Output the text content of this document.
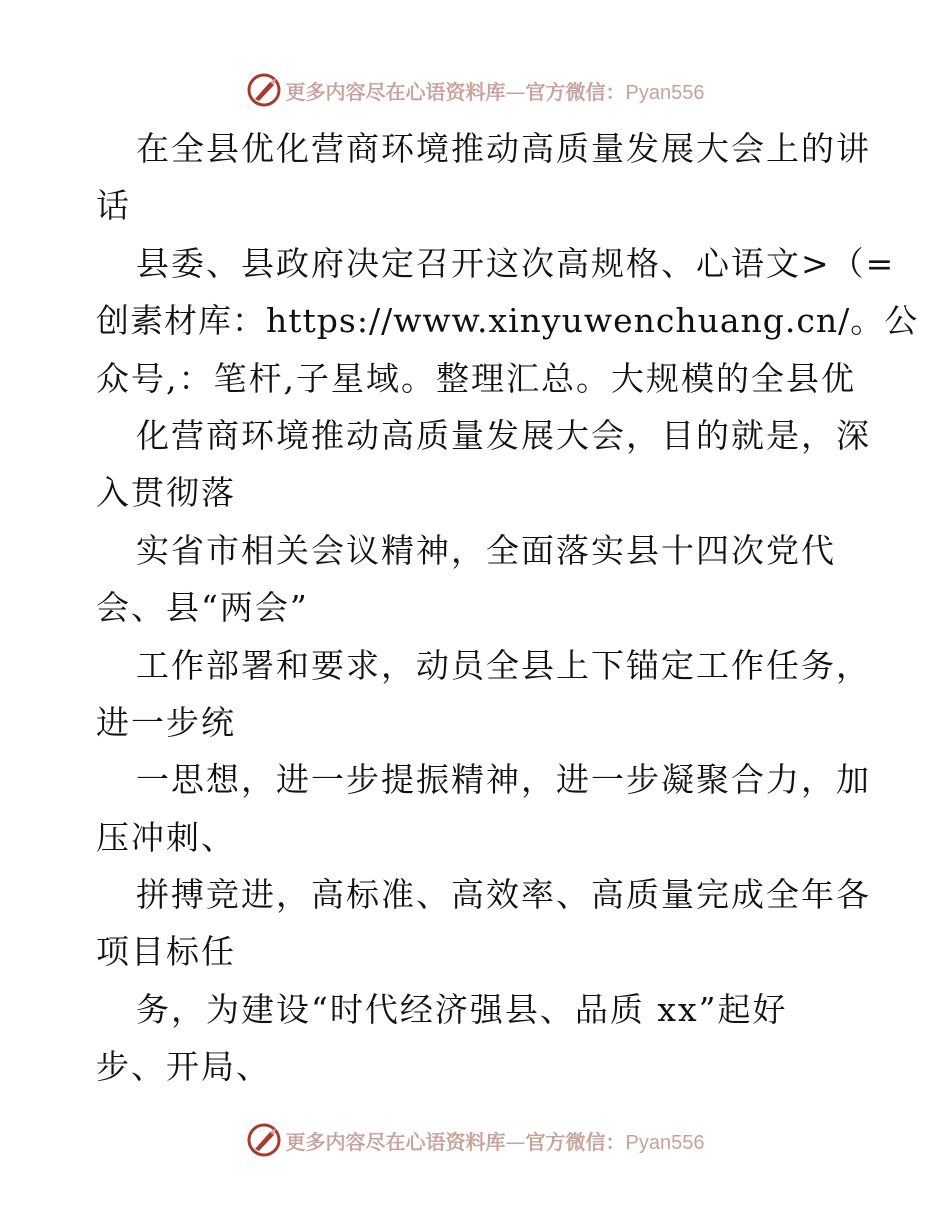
更多内容尽在心语资料库—官方微信：Pyan556
在全县优化营商环境推动高质量发展大会上的讲
话
县委、县政府决定召开这次高规格、心语文>（=
创素材库：https://www.xinyuwenchuang.cn/。公
众号,：笔杆,子星域。整理汇总。大规模的全县优
化营商环境推动高质量发展大会，目的就是，深
入贯彻落
实省市相关会议精神，全面落实县十四次党代
会、县“两会”
工作部署和要求，动员全县上下锚定工作任务，
进一步统
一思想，进一步提振精神，进一步凝聚合力，加
压冲刺、
拼搏竞进，高标准、高效率、高质量完成全年各
项目标任
务，为建设“时代经济强县、品质 xx”起好
步、开局、
更多内容尽在心语资料库—官方微信：Pyan556
